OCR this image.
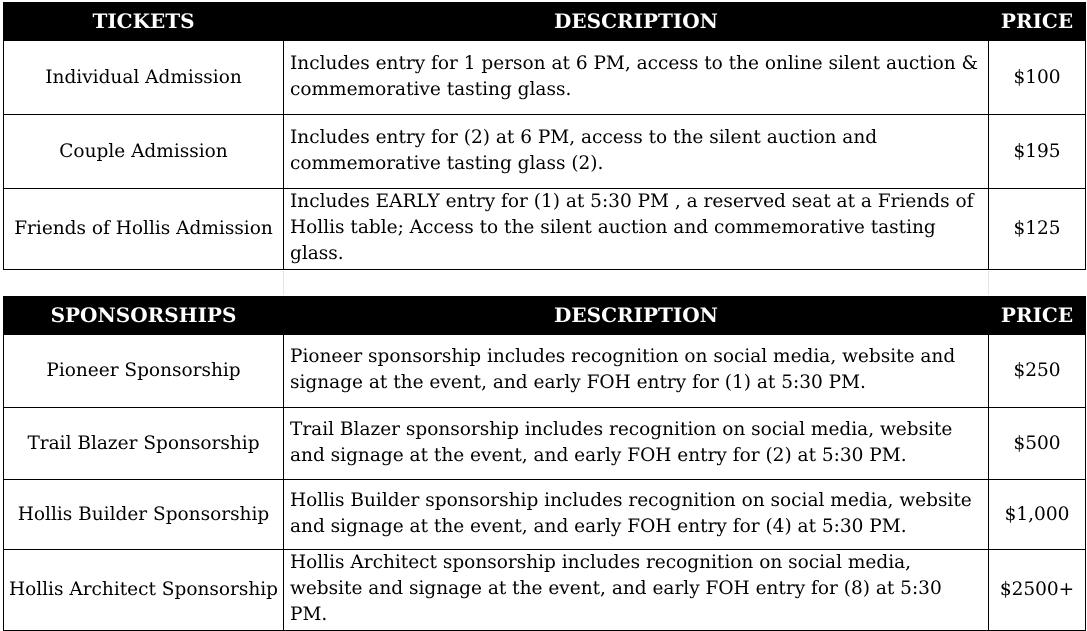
TICKETS	DESCRIPTION	PRICE
Individual Admission	Includes entry for 1 person at 6 PM, access to the online silent auction & commemorative tasting glass.	$100
Couple Admission	Includes entry for (2) at 6 PM, access to the silent auction and commemorative tasting glass (2).	$195
Friends of Hollis Admission	Includes EARLY entry for (1) at 5:30 PM , a reserved seat at a Friends of Hollis table; Access to the silent auction and commemorative tasting glass.	$125
SPONSORSHIPS	DESCRIPTION	PRICE
Pioneer Sponsorship	Pioneer sponsorship includes recognition on social media, website and signage at the event, and early FOH entry for (1) at 5:30 PM.	$250
Trail Blazer Sponsorship	Trail Blazer sponsorship includes recognition on social media, website and signage at the event, and early FOH entry for (2) at 5:30 PM.	$500
Hollis Builder Sponsorship	Hollis Builder sponsorship includes recognition on social media, website and signage at the event, and early FOH entry for (4) at 5:30 PM.	$1,000
Hollis Architect Sponsorship	Hollis Architect sponsorship includes recognition on social media, website and signage at the event, and early FOH entry for (8) at 5:30 PM.	$2500+
